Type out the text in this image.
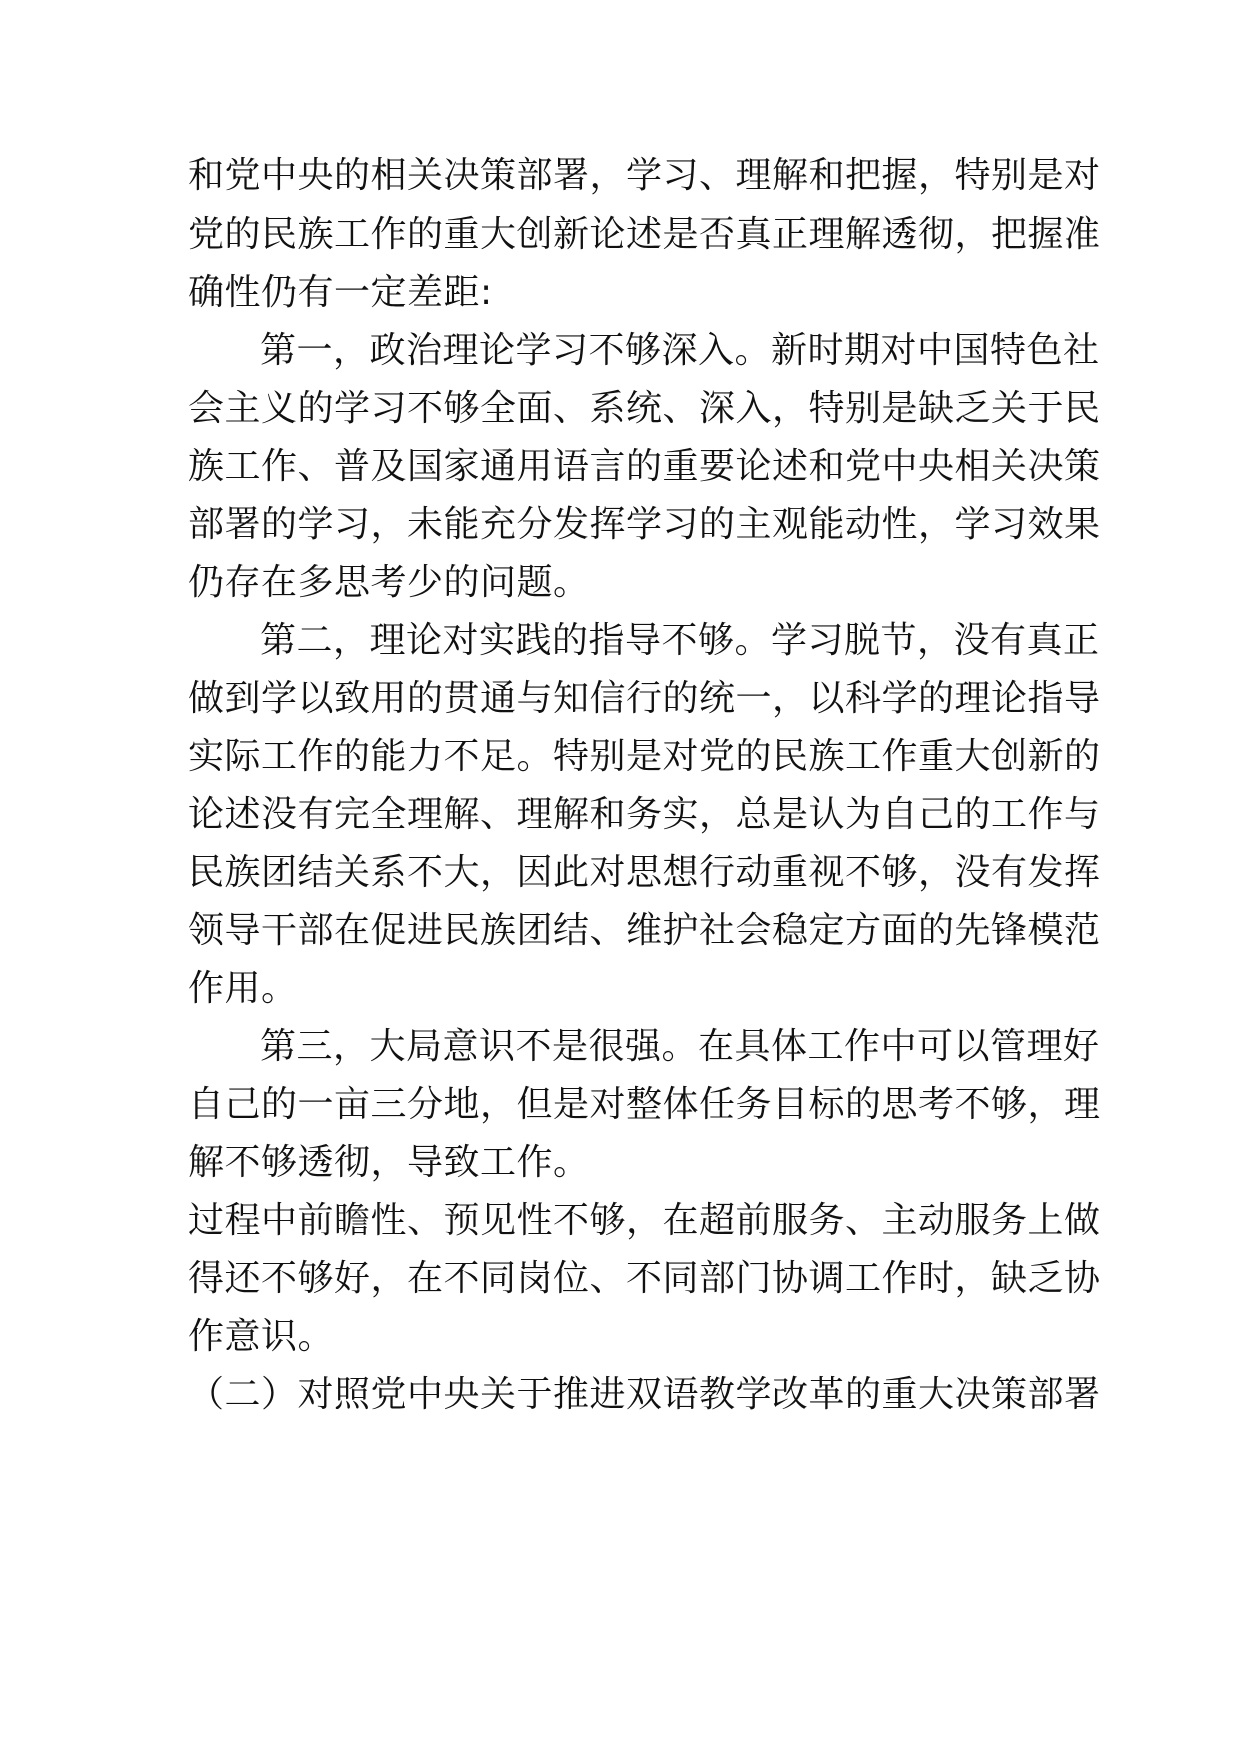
和党中央的相关决策部署，学习、理解和把握，特别是对

党的民族工作的重大创新论述是否真正理解透彻，把握准

确性仍有一定差距:

第一，政治理论学习不够深入。新时期对中国特色社

会主义的学习不够全面、系统、深入，特别是缺乏关于民

族工作、普及国家通用语言的重要论述和党中央相关决策

部署的学习，未能充分发挥学习的主观能动性，学习效果

仍存在多思考少的问题。

第二，理论对实践的指导不够。学习脱节，没有真正

做到学以致用的贯通与知信行的统一，以科学的理论指导

实际工作的能力不足。特别是对党的民族工作重大创新的

论述没有完全理解、理解和务实，总是认为自己的工作与

民族团结关系不大，因此对思想行动重视不够，没有发挥

领导干部在促进民族团结、维护社会稳定方面的先锋模范

作用。

第三，大局意识不是很强。在具体工作中可以管理好

自己的一亩三分地，但是对整体任务目标的思考不够，理

解不够透彻，导致工作。

过程中前瞻性、预见性不够，在超前服务、主动服务上做

得还不够好，在不同岗位、不同部门协调工作时，缺乏协

作意识。

（二）对照党中央关于推进双语教学改革的重大决策部署
